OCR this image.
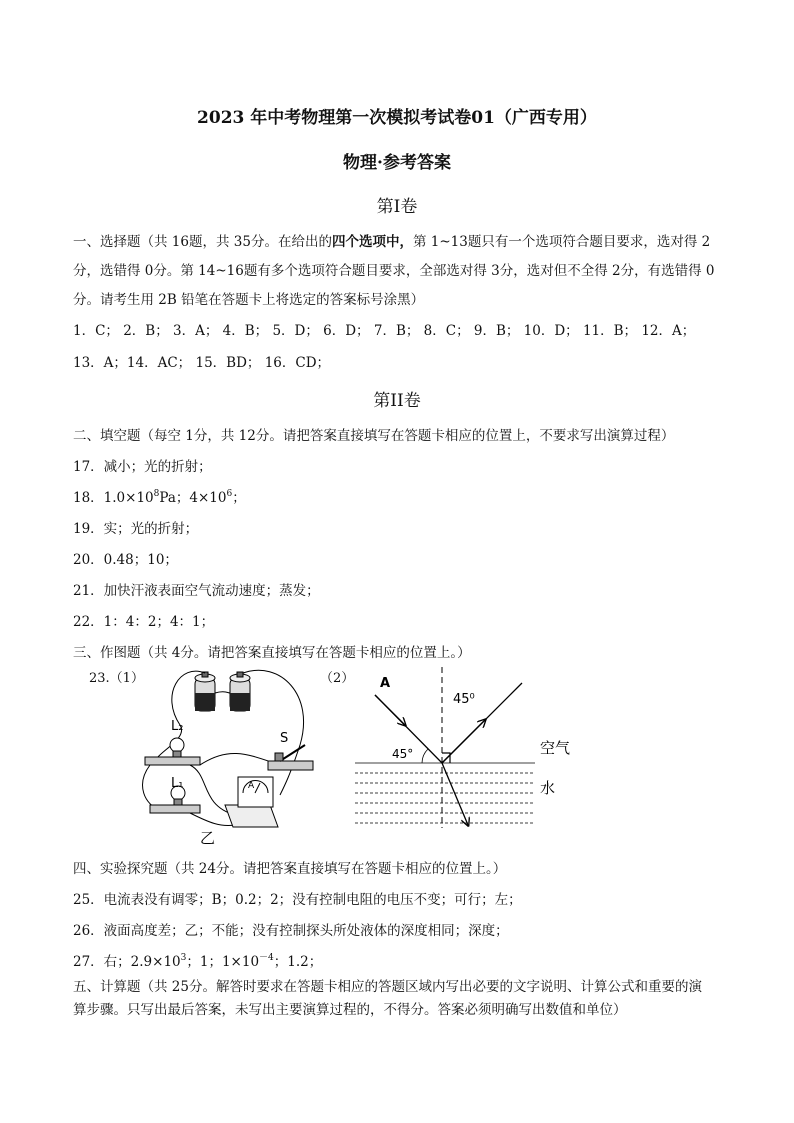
2023 年中考物理第一次模拟考试卷01（广西专用）
物理·参考答案
第Ⅰ卷
一、选择题（共 16题，共 35分。在给出的四个选项中，第 1~13题只有一个选项符合题目要求，选对得 2
分，选错得 0分。第 14~16题有多个选项符合题目要求，全部选对得 3分，选对但不全得 2分，有选错得 0
分。请考生用 2B 铅笔在答题卡上将选定的答案标号涂黑）
1．C； 2．B； 3．A； 4．B； 5．D； 6．D； 7．B； 8．C； 9．B； 10．D； 11．B； 12．A；
13．A；14．AC； 15．BD； 16．CD；
第II卷
二、填空题（每空 1分，共 12分。请把答案直接填写在答题卡相应的位置上，不要求写出演算过程）
17．减小；光的折射；
18．$1.0\times 10^8Pa$；$4\times 10^6$；
19．实；光的折射；
20．0.48；10；
21．加快汗液表面空气流动速度；蒸发；
22．1：4：2；4：1；
三、作图题（共 4分。请把答案直接填写在答题卡相应的位置上。）
23.（1）	（2）
L₂
L₁
S
A
乙
A
45⁰
45°	空气
水
四、实验探究题（共 24分。请把答案直接填写在答题卡相应的位置上。）
25．电流表没有调零；B；0.2；2；没有控制电阻的电压不变；可行；左；
26．液面高度差；乙；不能；没有控制探头所处液体的深度相同；深度；
27．右；$2.9\times 10^3$；1；$1\times 10^{-4}$；1.2；
五、计算题（共 25分。解答时要求在答题卡相应的答题区域内写出必要的文字说明、计算公式和重要的演
算步骤。只写出最后答案，未写出主要演算过程的，不得分。答案必须明确写出数值和单位）
